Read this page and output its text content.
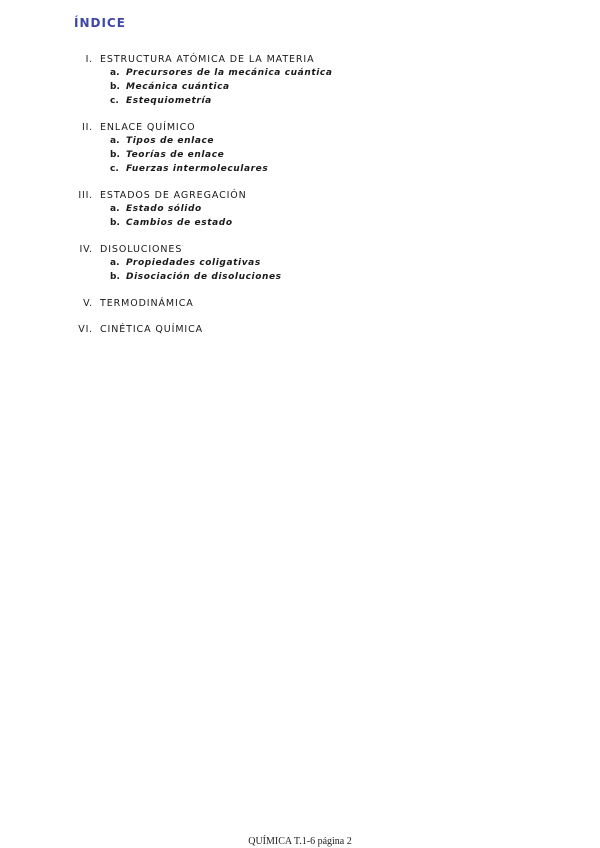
ÍNDICE
I. ESTRUCTURA ATÓMICA DE LA MATERIA
a. Precursores de la mecánica cuántica
b. Mecánica cuántica
c. Estequiometría
II. ENLACE QUÍMICO
a. Tipos de enlace
b. Teorías de enlace
c. Fuerzas intermoleculares
III. ESTADOS DE AGREGACIÓN
a. Estado sólido
b. Cambios de estado
IV. DISOLUCIONES
a. Propiedades coligativas
b. Disociación de disoluciones
V. TERMODINÁMICA
VI. CINÉTICA QUÍMICA
QUÍMICA T.1-6 página 2
